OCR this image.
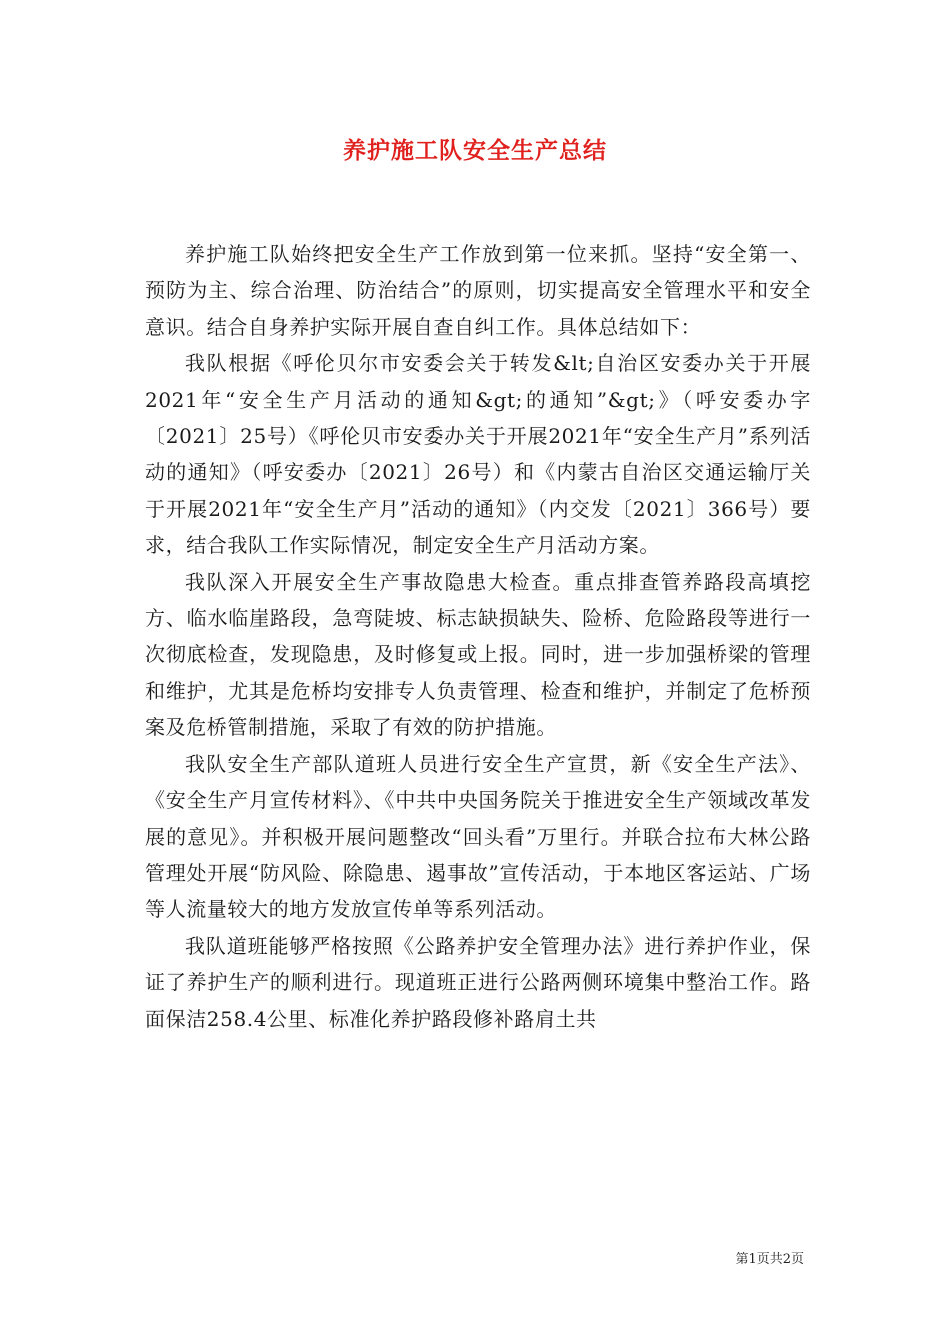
养护施工队安全生产总结

养护施工队始终把安全生产工作放到第一位来抓。坚持“安全第一、预防为主、综合治理、防治结合”的原则，切实提高安全管理水平和安全意识。结合自身养护实际开展自查自纠工作。具体总结如下：

我队根据《呼伦贝尔市安委会关于转发&lt;自治区安委办关于开展2021年“安全生产月活动的通知&gt;的通知”&gt;》（呼安委办字〔2021〕25号）《呼伦贝市安委办关于开展2021年“安全生产月”系列活动的通知》（呼安委办〔2021〕26号）和《内蒙古自治区交通运输厅关于开展2021年“安全生产月”活动的通知》（内交发〔2021〕366号）要求，结合我队工作实际情况，制定安全生产月活动方案。

我队深入开展安全生产事故隐患大检查。重点排查管养路段高填挖方、临水临崖路段，急弯陡坡、标志缺损缺失、险桥、危险路段等进行一次彻底检查，发现隐患，及时修复或上报。同时，进一步加强桥梁的管理和维护，尤其是危桥均安排专人负责管理、检查和维护，并制定了危桥预案及危桥管制措施，采取了有效的防护措施。

我队安全生产部队道班人员进行安全生产宣贯，新《安全生产法》、《安全生产月宣传材料》、《中共中央国务院关于推进安全生产领域改革发展的意见》。并积极开展问题整改“回头看”万里行。并联合拉布大林公路管理处开展“防风险、除隐患、遏事故”宣传活动，于本地区客运站、广场等人流量较大的地方发放宣传单等系列活动。

我队道班能够严格按照《公路养护安全管理办法》进行养护作业，保证了养护生产的顺利进行。现道班正进行公路两侧环境集中整治工作。路面保洁258.4公里、标准化养护路段修补路肩土共

第1页共2页
